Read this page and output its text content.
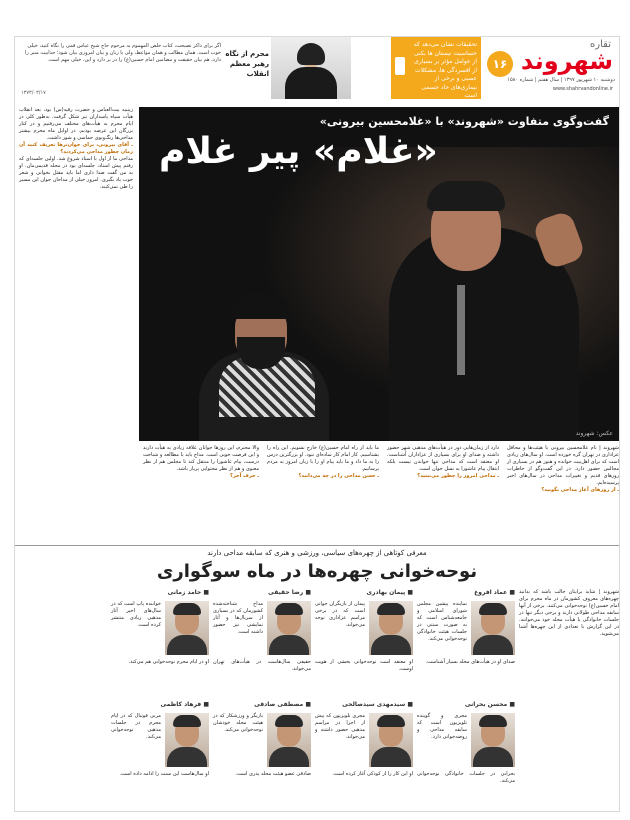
تقاره
شهروند
دوشنبه ۱۰ شهریور ۱۳۹۷ | سال هفتم | شماره ۱۵۸۰
www.shahrvandonline.ir
۱۶
تحقیقات نشان می‌دهد که حساسیت نیستان ها بکنی از عوامل مؤثر بر بسیاری از افسردگی ها، مشکلات عصبی و برخی از بیماری‌های حاد جسمی است
محرم از نگاه رهبر معظم انقلاب
اگر برای ذاکر نصیحت، کتاب خلص المهموم به مرحوم حاج شیخ عباس قمی را نگاه کنید، خیلی خوب است. همان مطالب و همان مواعظ، ولی با زبان و بیان امروزی بیان شود؛ جذابیت منبر را دارد، هم بیان حقیقت و مضامین امام حسین(ع) را در بر دارد و این، خیلی مهم است.
۱۳۷۳/۰۳/۱۷
زینبیه بیت‌العباس و حضرت رقیه(س) بود، بعد انقلاب هیأت سپاه پاسداران نیز شکل گرفت. به‌طور کلی در ایام محرم به هیأت‌های مختلف می‌رفتیم و در کنار بزرگان این عرصه بودیم. در اوایل ماه محرم بیشتر مداحی‌ها رنگ‌وبوی حماسی و شور داشت.
ـ آقای بیرونی، برای جوان‌ترها تعریف کنید آن زمان چطور مداحی می‌کردید؟
مداحی ما از اول با استاد شروع شد. اولین جلسه‌ای که رفتم پیش استاد، جلسه‌ای بود در محله قدیمی‌مان. او به من گفت صدا داری اما باید مقتل بخوانی و شعر خوب یاد بگیری. امروز خیلی از مداحان جوان این مسیر را طی نمی‌کنند.
گفت‌وگوی متفاوت «شهروند» با «غلامحسین بیرونی»
«غلام» پیر غلام
عکس: شهروند
شهروند | نام غلامحسین بیرونی با هیئت‌ها و محافل عزاداری در تهران گره خورده است. او سال‌های زیادی است که برای اهل‌بیت خوانده و هنوز هم در بسیاری از مجالس حضور دارد. در این گفت‌وگو از خاطرات روزهای قدیم و تغییرات مداحی در سال‌های اخیر پرسیده‌ایم.
ـ از روزهای آغاز مداحی بگویید؟
دارد از زمان‌هایی دور در هیأت‌های مذهبی شهر حضور داشته و صدای او برای بسیاری از عزاداران آشناست. او معتقد است که مداحی تنها خواندن نیست بلکه انتقال پیام عاشورا به نسل جوان است.
ـ مداحی امروز را چطور می‌بینید؟
ما باید از راه امام حسین(ع) خارج نشویم. این راه را بشناسیم. کار امام کار ساده‌ای نبود. او بزرگترین درس را به ما داد و ما باید پیام او را با زبان امروز به مردم برسانیم.
ـ حسن مداحی را در چه می‌دانید؟
والا محترم، این روزها جوانان علاقه زیادی به هیأت دارند و این فرصت خوبی است. مداح باید با مطالعه و شناخت درست، پیام عاشورا را منتقل کند تا مجلس هم از نظر معنوی و هم از نظر محتوایی پربار باشد.
ـ حرف آخر؟
معرفی کوتاهی از چهره‌های سیاسی، ورزشی و هنری که سابقه مداحی دارند
نوحه‌خوانی چهره‌ها در ماه سوگواری
شهروند | شاید برایتان جالب باشد که بدانید چهره‌های معروف کشورمان در ماه محرم برای امام حسین(ع) نوحه‌خوانی می‌کنند. برخی از آنها سابقه مداحی طولانی دارند و برخی دیگر تنها در جلسات خانوادگی یا هیأت محله خود می‌خوانند. در این گزارش با تعدادی از این چهره‌ها آشنا می‌شوید.
■ عماد افروغ
نماینده پیشین مجلس شورای اسلامی و جامعه‌شناس است که به صورت سنتی در جلسات هیئت خانوادگی نوحه‌خوانی می‌کند.
صدای او در هیأت‌های محله بسیار آشناست.
■ محسن بحرانی
مجری و گوینده تلویزیون است که سابقه مداحی و روضه‌خوانی دارد.
بحرانی در جلسات خانوادگی نوحه‌خوانی می‌کند.
■ پیمان بهادری
پیمان از بازیگران جوانی است که در برخی مراسم عزاداری نوحه می‌خواند.
او معتقد است نوحه‌خوانی بخشی از هویت اوست.
■ سیدمهدی سیدصالحی
مجری تلویزیون که پیش از اجرا در مراسم مذهبی حضور داشته و می‌خواند.
او این کار را از کودکی آغاز کرده است.
■ رضا حقیقی
مداح شناخته‌شده کشورمان که در بسیاری از سریال‌ها و آثار نمایشی نیز حضور داشته است.
حقیقی سال‌هاست در هیأت‌های تهران می‌خواند.
■ مصطفی صادقی
بازیگر و ورزشکار که در هیئت محله خودشان نوحه‌خوانی می‌کند.
صادقی عضو هیئت محله پدری است.
■ حامد زمانی
خواننده پاپ است که در سال‌های اخیر آثار مذهبی زیادی منتشر کرده است.
او در ایام محرم نوحه‌خوانی هم می‌کند.
■ فرهاد کاظمی
مربی فوتبال که در ایام محرم در جلسات مذهبی نوحه‌خوانی می‌کند.
او سال‌هاست این سنت را ادامه داده است.
